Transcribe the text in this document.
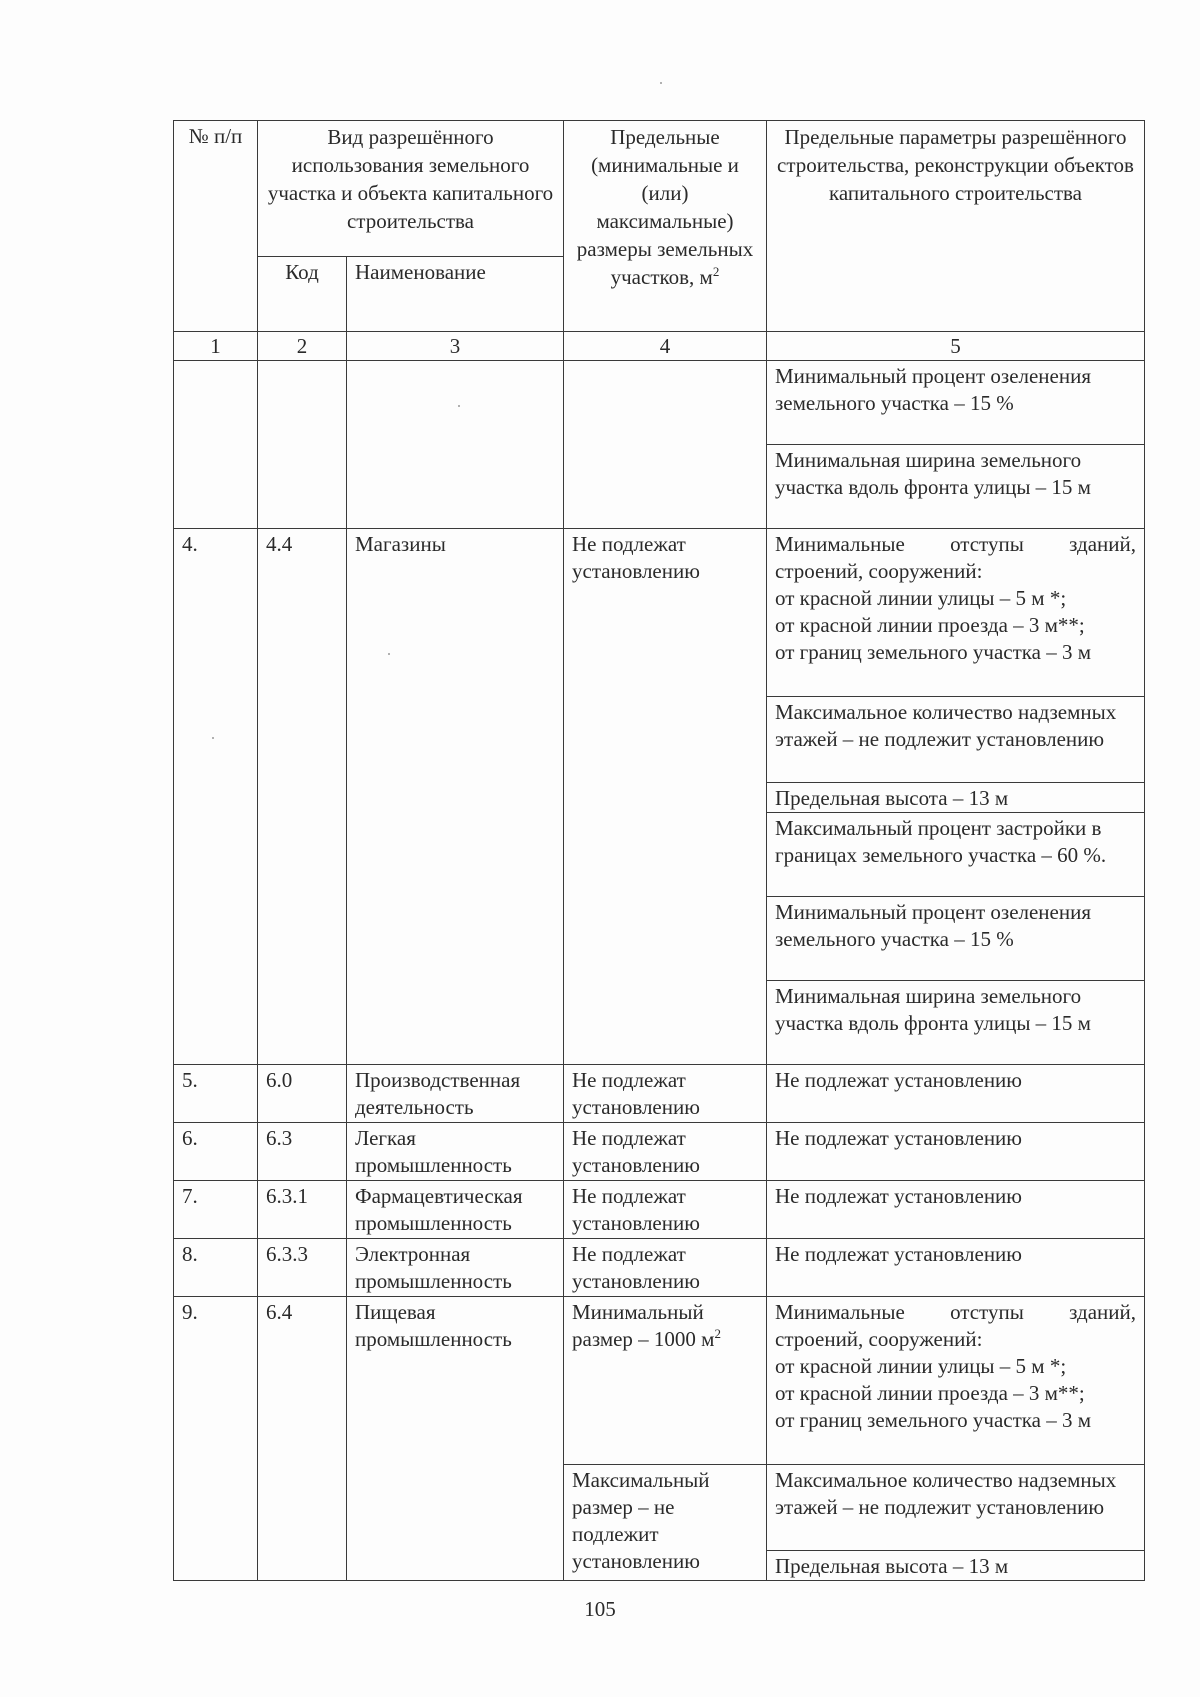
№ п/п	Вид разрешённого использования земельного участка и объекта капитального строительства		Предельные (минимальные и (или) максимальные) размеры земельных участков, $м^2$	Предельные параметры разрешённого строительства, реконструкции объектов капитального строительства
	Код	Наименование		
1	2	3	4	5
				Минимальный процент озеленения земельного участка – 15 %
				Минимальная ширина земельного участка вдоль фронта улицы – 15 м
4.	4.4	Магазины	Не подлежат установлению	Минимальные отступы зданий, строений, сооружений:
от красной линии улицы – 5 м *;
от красной линии проезда – 3 м**;
от границ земельного участка – 3 м

				Максимальное количество надземных этажей – не подлежит установлению
				Предельная высота – 13 м
				Максимальный процент застройки в границах земельного участка – 60 %.
				Минимальный процент озеленения земельного участка – 15 %
				Минимальная ширина земельного участка вдоль фронта улицы – 15 м
5.	6.0	Производственная деятельность	Не подлежат установлению	Не подлежат установлению
6.	6.3	Легкая промышленность	Не подлежат установлению	Не подлежат установлению
7.	6.3.1	Фармацевтическая промышленность	Не подлежат установлению	Не подлежат установлению
8.	6.3.3	Электронная промышленность	Не подлежат установлению	Не подлежат установлению
9.	6.4	Пищевая промышленность	Минимальный размер – 1000 $м^2$	Минимальные отступы зданий, строений, сооружений:
от красной линии улицы – 5 м *;
от красной линии проезда – 3 м**;
от границ земельного участка – 3 м

			Максимальный размер – не подлежит установлению	Максимальное количество надземных этажей – не подлежит установлению
				Предельная высота – 13 м
105
